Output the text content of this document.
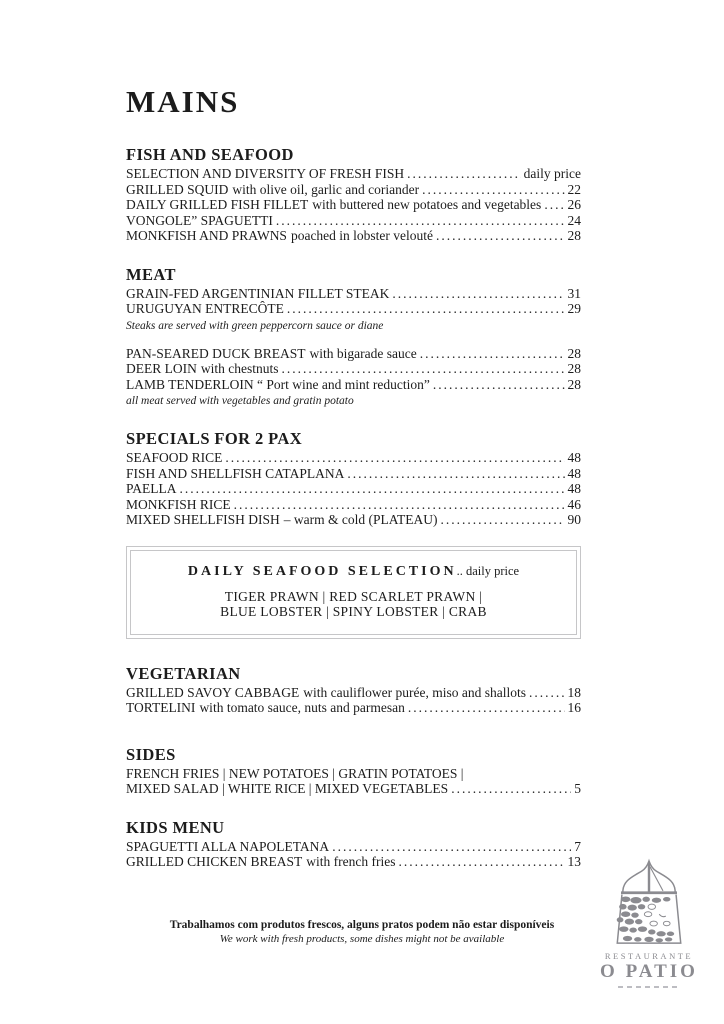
MAINS
FISH AND SEAFOOD
SELECTION AND DIVERSITY OF FRESH FISH .....	daily price
GRILLED SQUID with olive oil, garlic and coriander .....	22
DAILY GRILLED FISH FILLET with buttered new potatoes and vegetables ..... 26
VONGOLE” SPAGUETTI .....	24
MONKFISH AND PRAWNS poached in lobster velouté .....	28
MEAT
GRAIN-FED ARGENTINIAN FILLET STEAK .....	31
URUGUYAN ENTRECÔTE .....	29
Steaks are served with green peppercorn sauce or diane
PAN-SEARED DUCK BREAST with bigarade sauce .....	28
DEER LOIN with chestnuts .....	28
LAMB TENDERLOIN “ Port wine and mint reduction” .....	28
all meat served with vegetables and gratin potato
SPECIALS FOR 2 PAX
SEAFOOD RICE .....	48
FISH AND SHELLFISH CATAPLANA .....	48
PAELLA .....	48
MONKFISH RICE .....	46
MIXED SHELLFISH DISH – warm & cold (PLATEAU) .....	90
DAILY SEAFOOD SELECTION.. daily price
TIGER PRAWN | RED SCARLET PRAWN |
BLUE LOBSTER | SPINY LOBSTER | CRAB
VEGETARIAN
GRILLED SAVOY CABBAGE with cauliflower purée, miso and shallots .....	18
TORTELINI with tomato sauce, nuts and parmesan .....	16
SIDES
FRENCH FRIES | NEW POTATOES | GRATIN POTATOES |
MIXED SALAD | WHITE RICE | MIXED VEGETABLES .....	5
KIDS MENU
SPAGUETTI ALLA NAPOLETANA .....	7
GRILLED CHICKEN BREAST with french fries .....	13
Trabalhamos com produtos frescos, alguns pratos podem não estar disponíveis
We work with fresh products, some dishes might not be available
RESTAURANTE
O PATIO
